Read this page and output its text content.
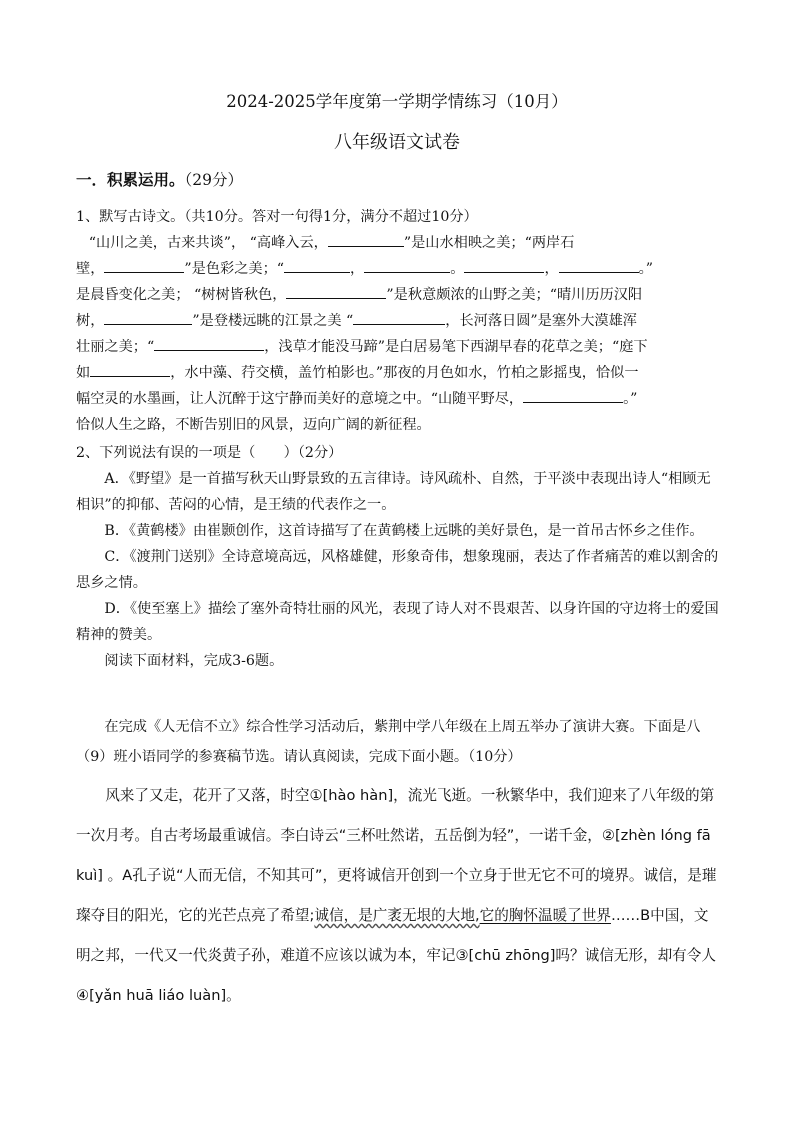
2024-2025学年度第一学期学情练习（10月）
八年级语文试卷
一．积累运用。（29分）

1、默写古诗文。（共10分。答对一句得1分，满分不超过10分）

“山川之美，古来共谈”， “高峰入云，	”是山水相映之美；“两岸石

壁，	”是色彩之美；“	，	。	，	。”

是晨昏变化之美； “树树皆秋色，	”是秋意颇浓的山野之美；“晴川历历汉阳

树，	”是登楼远眺的江景之美 “	，长河落日圆”是塞外大漠雄浑

壮丽之美；“	，浅草才能没马蹄”是白居易笔下西湖早春的花草之美；“庭下

如	，水中藻、荇交横，盖竹柏影也。”那夜的月色如水，竹柏之影摇曳，恰似一

幅空灵的水墨画，让人沉醉于这宁静而美好的意境之中。“山随平野尽，	。”

恰似人生之路，不断告别旧的风景，迈向广阔的新征程。

2、下列说法有误的一项是（　　）（2分）

A．《野望》是一首描写秋天山野景致的五言律诗。诗风疏朴、自然，于平淡中表现出诗人“相顾无相识”的抑郁、苦闷的心情，是王绩的代表作之一。

B．《黄鹤楼》由崔颢创作，这首诗描写了在黄鹤楼上远眺的美好景色，是一首吊古怀乡之佳作。

C．《渡荆门送别》全诗意境高远，风格雄健，形象奇伟，想象瑰丽，表达了作者痛苦的难以割舍的思乡之情。

D．《使至塞上》描绘了塞外奇特壮丽的风光，表现了诗人对不畏艰苦、以身许国的守边将士的爱国精神的赞美。

阅读下面材料，完成3-6题。

在完成《人无信不立》综合性学习活动后，紫荆中学八年级在上周五举办了演讲大赛。下面是八（9）班小语同学的参赛稿节选。请认真阅读，完成下面小题。（10分）

风来了又走，花开了又落，时空①[hào hàn]，流光飞逝。一秋繁华中，我们迎来了八年级的第一次月考。自古考场最重诚信。李白诗云“三杯吐然诺，五岳倒为轻”，一诺千金，②[zhèn lóng fā kuì] 。A孔子说“人而无信，不知其可”，更将诚信开创到一个立身于世无它不可的境界。诚信，是璀璨夺目的阳光，它的光芒点亮了希望;诚信，是广袤无垠的大地,它的胸怀温暖了世界……B中国，文明之邦，一代又一代炎黄子孙，难道不应该以诚为本，牢记③[chū zhōng]吗？诚信无形，却有令人④[yǎn huā liáo luàn]。
